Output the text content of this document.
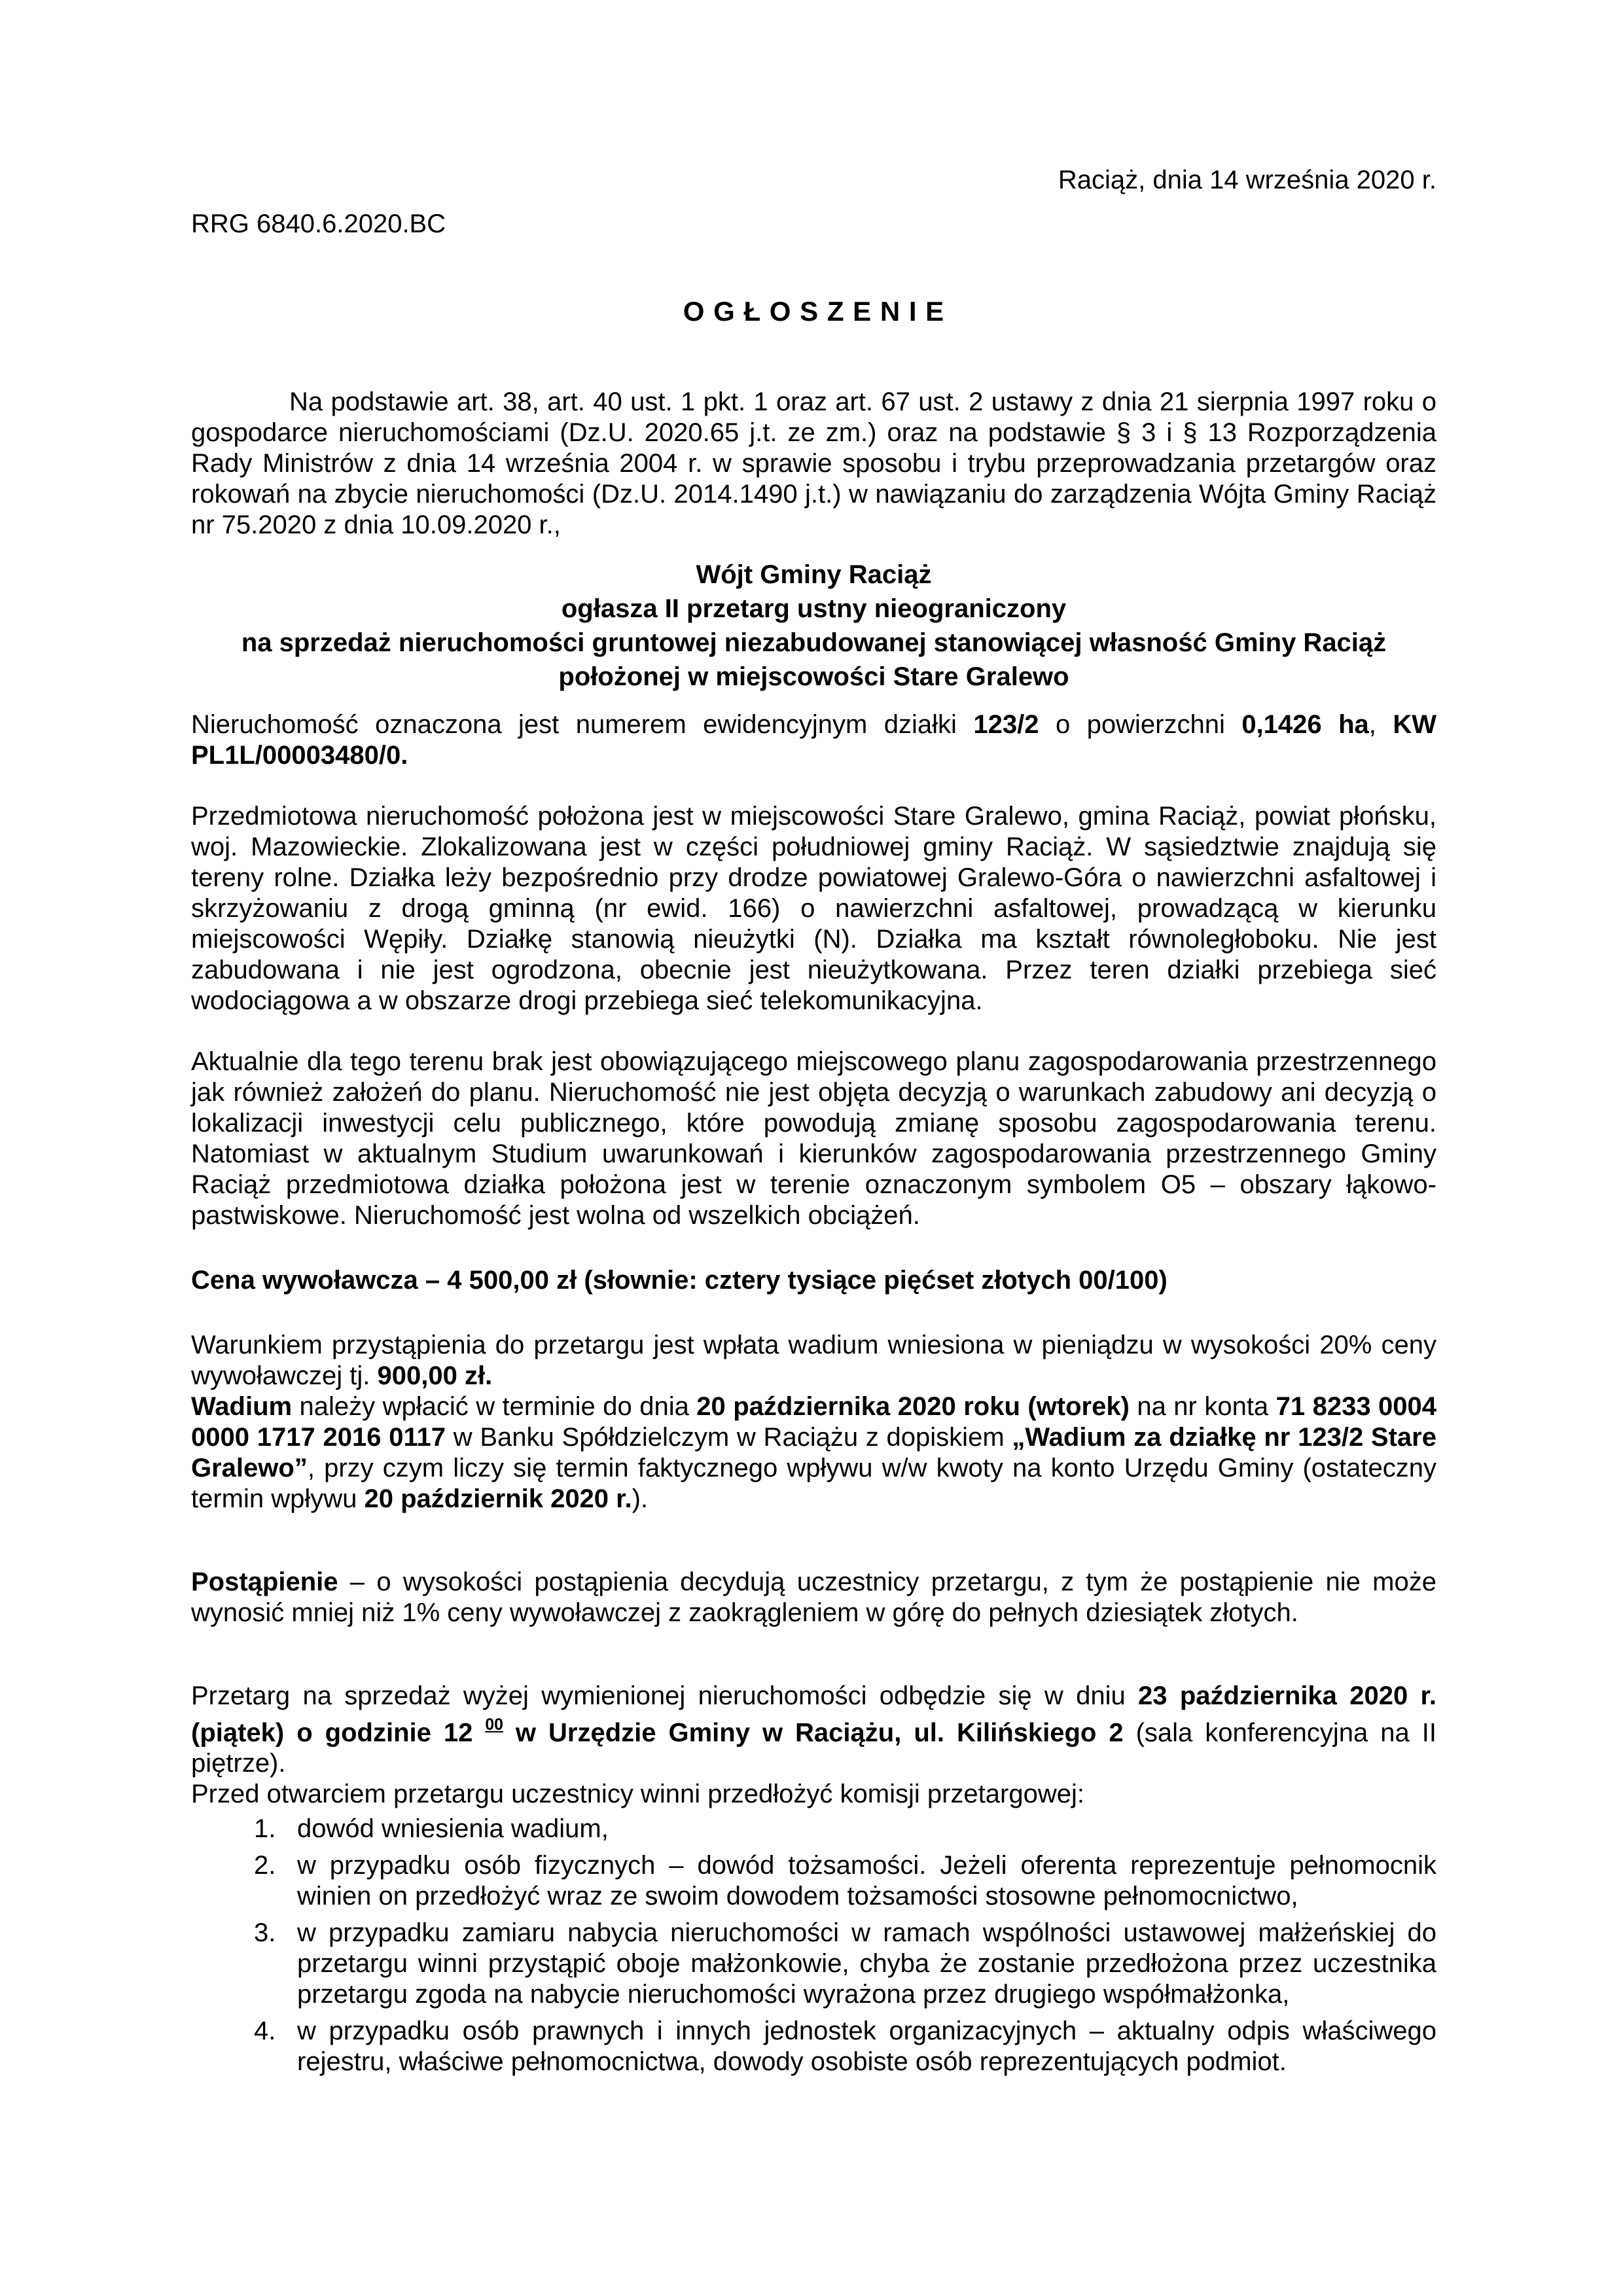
Raciąż, dnia 14 września 2020 r.

RRG 6840.6.2020.BC

O G Ł O S Z E N I E

Na podstawie art. 38, art. 40 ust. 1 pkt. 1 oraz art. 67 ust. 2 ustawy z dnia 21 sierpnia 1997 roku o gospodarce nieruchomościami (Dz.U. 2020.65 j.t. ze zm.) oraz na podstawie § 3 i § 13 Rozporządzenia Rady Ministrów z dnia 14 września 2004 r. w sprawie sposobu i trybu przeprowadzania przetargów oraz rokowań na zbycie nieruchomości (Dz.U. 2014.1490 j.t.) w nawiązaniu do zarządzenia Wójta Gminy Raciąż nr 75.2020 z dnia 10.09.2020 r.,

Wójt Gminy Raciąż

ogłasza II przetarg ustny nieograniczony

na sprzedaż nieruchomości gruntowej niezabudowanej stanowiącej własność Gminy Raciąż

położonej w miejscowości Stare Gralewo

Nieruchomość oznaczona jest numerem ewidencyjnym działki 123/2 o powierzchni 0,1426 ha, KW PL1L/00003480/0.

Przedmiotowa nieruchomość położona jest w miejscowości Stare Gralewo, gmina Raciąż, powiat płońsku, woj. Mazowieckie. Zlokalizowana jest w części południowej gminy Raciąż. W sąsiedztwie znajdują się tereny rolne. Działka leży bezpośrednio przy drodze powiatowej Gralewo-Góra o nawierzchni asfaltowej i skrzyżowaniu z drogą gminną (nr ewid. 166) o nawierzchni asfaltowej, prowadzącą w kierunku miejscowości Wępiły. Działkę stanowią nieużytki (N). Działka ma kształt równoległoboku. Nie jest zabudowana i nie jest ogrodzona, obecnie jest nieużytkowana. Przez teren działki przebiega sieć wodociągowa a w obszarze drogi przebiega sieć telekomunikacyjna.

Aktualnie dla tego terenu brak jest obowiązującego miejscowego planu zagospodarowania przestrzennego jak również założeń do planu. Nieruchomość nie jest objęta decyzją o warunkach zabudowy ani decyzją o lokalizacji inwestycji celu publicznego, które powodują zmianę sposobu zagospodarowania terenu. Natomiast w aktualnym Studium uwarunkowań i kierunków zagospodarowania przestrzennego Gminy Raciąż przedmiotowa działka położona jest w terenie oznaczonym symbolem O5 – obszary łąkowo-pastwiskowe. Nieruchomość jest wolna od wszelkich obciążeń.

Cena wywoławcza – 4 500,00 zł (słownie: cztery tysiące pięćset złotych 00/100)

Warunkiem przystąpienia do przetargu jest wpłata wadium wniesiona w pieniądzu w wysokości 20% ceny wywoławczej tj. 900,00 zł.

Wadium należy wpłacić w terminie do dnia 20 października 2020 roku (wtorek) na nr konta 71 8233 0004 0000 1717 2016 0117 w Banku Spółdzielczym w Raciążu z dopiskiem „Wadium za działkę nr 123/2 Stare Gralewo”, przy czym liczy się termin faktycznego wpływu w/w kwoty na konto Urzędu Gminy (ostateczny termin wpływu 20 październik 2020 r.).

Postąpienie – o wysokości postąpienia decydują uczestnicy przetargu, z tym że postąpienie nie może wynosić mniej niż 1% ceny wywoławczej z zaokrągleniem w górę do pełnych dziesiątek złotych.

Przetarg na sprzedaż wyżej wymienionej nieruchomości odbędzie się w dniu 23 października 2020 r. (piątek) o godzinie 12 $^{00}$ w Urzędzie Gminy w Raciążu, ul. Kilińskiego 2 (sala konferencyjna na II piętrze).

Przed otwarciem przetargu uczestnicy winni przedłożyć komisji przetargowej:

1. dowód wniesienia wadium,
2. w przypadku osób fizycznych – dowód tożsamości. Jeżeli oferenta reprezentuje pełnomocnik winien on przedłożyć wraz ze swoim dowodem tożsamości stosowne pełnomocnictwo,
3. w przypadku zamiaru nabycia nieruchomości w ramach wspólności ustawowej małżeńskiej do przetargu winni przystąpić oboje małżonkowie, chyba że zostanie przedłożona przez uczestnika przetargu zgoda na nabycie nieruchomości wyrażona przez drugiego współmałżonka,
4. w przypadku osób prawnych i innych jednostek organizacyjnych – aktualny odpis właściwego rejestru, właściwe pełnomocnictwa, dowody osobiste osób reprezentujących podmiot.
